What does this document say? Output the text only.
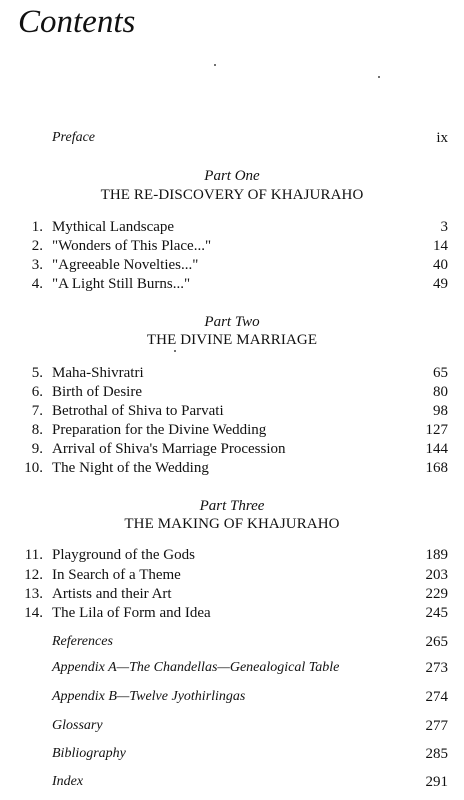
Contents
Preface	ix
Part One
THE RE-DISCOVERY OF KHAJURAHO
1. Mythical Landscape	3
2. "Wonders of This Place..."	14
3. "Agreeable Novelties..."	40
4. "A Light Still Burns..."	49
Part Two
THE DIVINE MARRIAGE
5. Maha-Shivratri	65
6. Birth of Desire	80
7. Betrothal of Shiva to Parvati	98
8. Preparation for the Divine Wedding	127
9. Arrival of Shiva's Marriage Procession	144
10. The Night of the Wedding	168
Part Three
THE MAKING OF KHAJURAHO
11. Playground of the Gods	189
12. In Search of a Theme	203
13. Artists and their Art	229
14. The Lila of Form and Idea	245
References	265
Appendix A—The Chandellas—Genealogical Table	273
Appendix B—Twelve Jyothirlingas	274
Glossary	277
Bibliography	285
Index	291
